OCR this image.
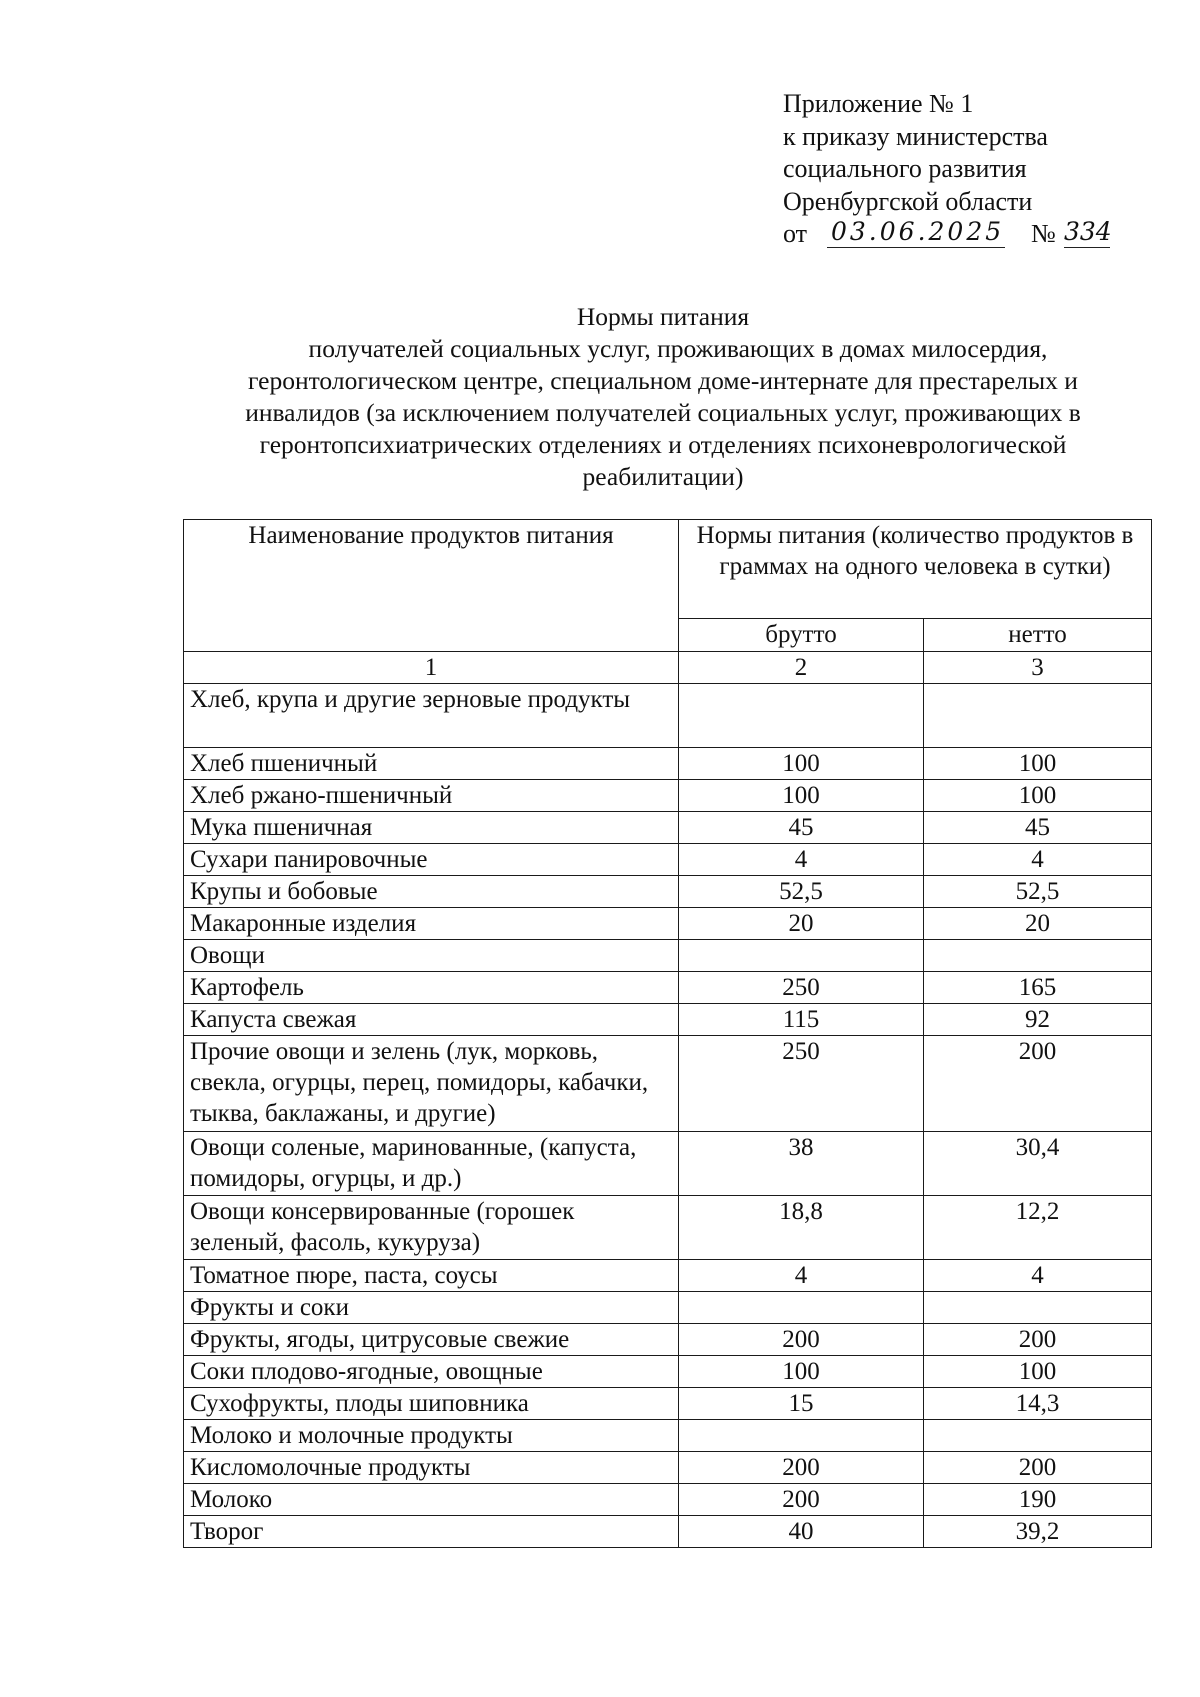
Приложение № 1
к приказу министерства
социального развития
Оренбургской области
от 03.06.2025 № 334
Нормы питания
получателей социальных услуг, проживающих в домах милосердия,
геронтологическом центре, специальном доме-интернате для престарелых и
инвалидов (за исключением получателей социальных услуг, проживающих в
геронтопсихиатрических отделениях и отделениях психоневрологической
реабилитации)
Наименование продуктов питания	Нормы питания (количество продуктов в граммах на одного человека в сутки)	
	брутто	нетто
1	2	3
Хлеб, крупа и другие зерновые продукты		
Хлеб пшеничный	100	100
Хлеб ржано-пшеничный	100	100
Мука пшеничная	45	45
Сухари панировочные	4	4
Крупы и бобовые	52,5	52,5
Макаронные изделия	20	20
Овощи		
Картофель	250	165
Капуста свежая	115	92
Прочие овощи и зелень (лук, морковь, свекла, огурцы, перец, помидоры, кабачки, тыква, баклажаны, и другие)	250	200
Овощи соленые, маринованные, (капуста, помидоры, огурцы, и др.)	38	30,4
Овощи консервированные (горошек зеленый, фасоль, кукуруза)	18,8	12,2
Томатное пюре, паста, соусы	4	4
Фрукты и соки		
Фрукты, ягоды, цитрусовые свежие	200	200
Соки плодово-ягодные, овощные	100	100
Сухофрукты, плоды шиповника	15	14,3
Молоко и молочные продукты		
Кисломолочные продукты	200	200
Молоко	200	190
Творог	40	39,2
